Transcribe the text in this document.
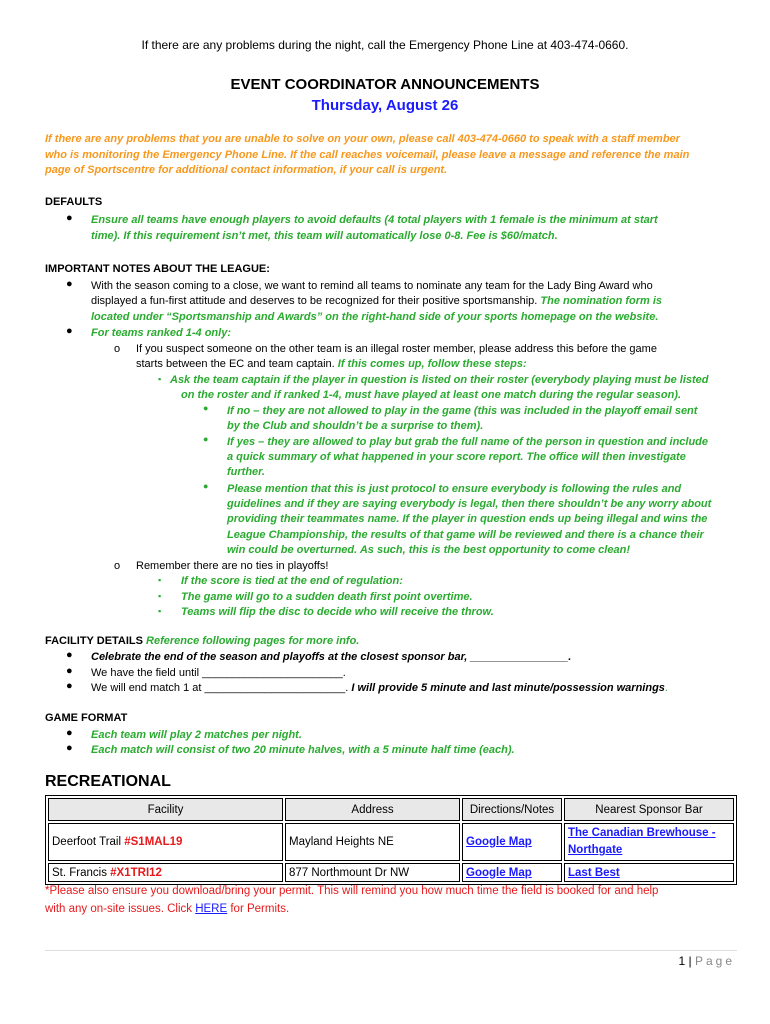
If there are any problems during the night, call the Emergency Phone Line at 403-474-0660.
EVENT COORDINATOR ANNOUNCEMENTS
Thursday, August 26
If there are any problems that you are unable to solve on your own, please call 403-474-0660 to speak with a staff member
who is monitoring the Emergency Phone Line. If the call reaches voicemail, please leave a message and reference the main
page of Sportscentre for additional contact information, if your call is urgent.
DEFAULTS
● Ensure all teams have enough players to avoid defaults (4 total players with 1 female is the minimum at start
time). If this requirement isn’t met, this team will automatically lose 0-8. Fee is $60/match.
IMPORTANT NOTES ABOUT THE LEAGUE:
● With the season coming to a close, we want to remind all teams to nominate any team for the Lady Bing Award who
displayed a fun-first attitude and deserves to be recognized for their positive sportsmanship. The nomination form is
located under “Sportsmanship and Awards” on the right-hand side of your sports homepage on the website.
● For teams ranked 1-4 only:
o If you suspect someone on the other team is an illegal roster member, please address this before the game
starts between the EC and team captain. If this comes up, follow these steps:
▪ Ask the team captain if the player in question is listed on their roster (everybody playing must be listed
on the roster and if ranked 1-4, must have played at least one match during the regular season).
● If no – they are not allowed to play in the game (this was included in the playoff email sent
by the Club and shouldn’t be a surprise to them).
● If yes – they are allowed to play but grab the full name of the person in question and include
a quick summary of what happened in your score report. The office will then investigate
further.
● Please mention that this is just protocol to ensure everybody is following the rules and
guidelines and if they are saying everybody is legal, then there shouldn’t be any worry about
providing their teammates name. If the player in question ends up being illegal and wins the
League Championship, the results of that game will be reviewed and there is a chance their
win could be overturned. As such, this is the best opportunity to come clean!
o Remember there are no ties in playoffs!
▪ If the score is tied at the end of regulation:
▪ The game will go to a sudden death first point overtime.
▪ Teams will flip the disc to decide who will receive the throw.
FACILITY DETAILS Reference following pages for more info.
● Celebrate the end of the season and playoffs at the closest sponsor bar, ________________.
● We have the field until _______________________.
● We will end match 1 at _______________________. I will provide 5 minute and last minute/possession warnings.
GAME FORMAT
● Each team will play 2 matches per night.
● Each match will consist of two 20 minute halves, with a 5 minute half time (each).
RECREATIONAL
Facility	Address	Directions/Notes	Nearest Sponsor Bar
Deerfoot Trail #S1MAL19	Mayland Heights NE	Google Map	The Canadian Brewhouse -
Northgate
St. Francis #X1TRI12	877 Northmount Dr NW	Google Map	Last Best
*Please also ensure you download/bring your permit. This will remind you how much time the field is booked for and help
with any on-site issues. Click HERE for Permits.
1 | Page
